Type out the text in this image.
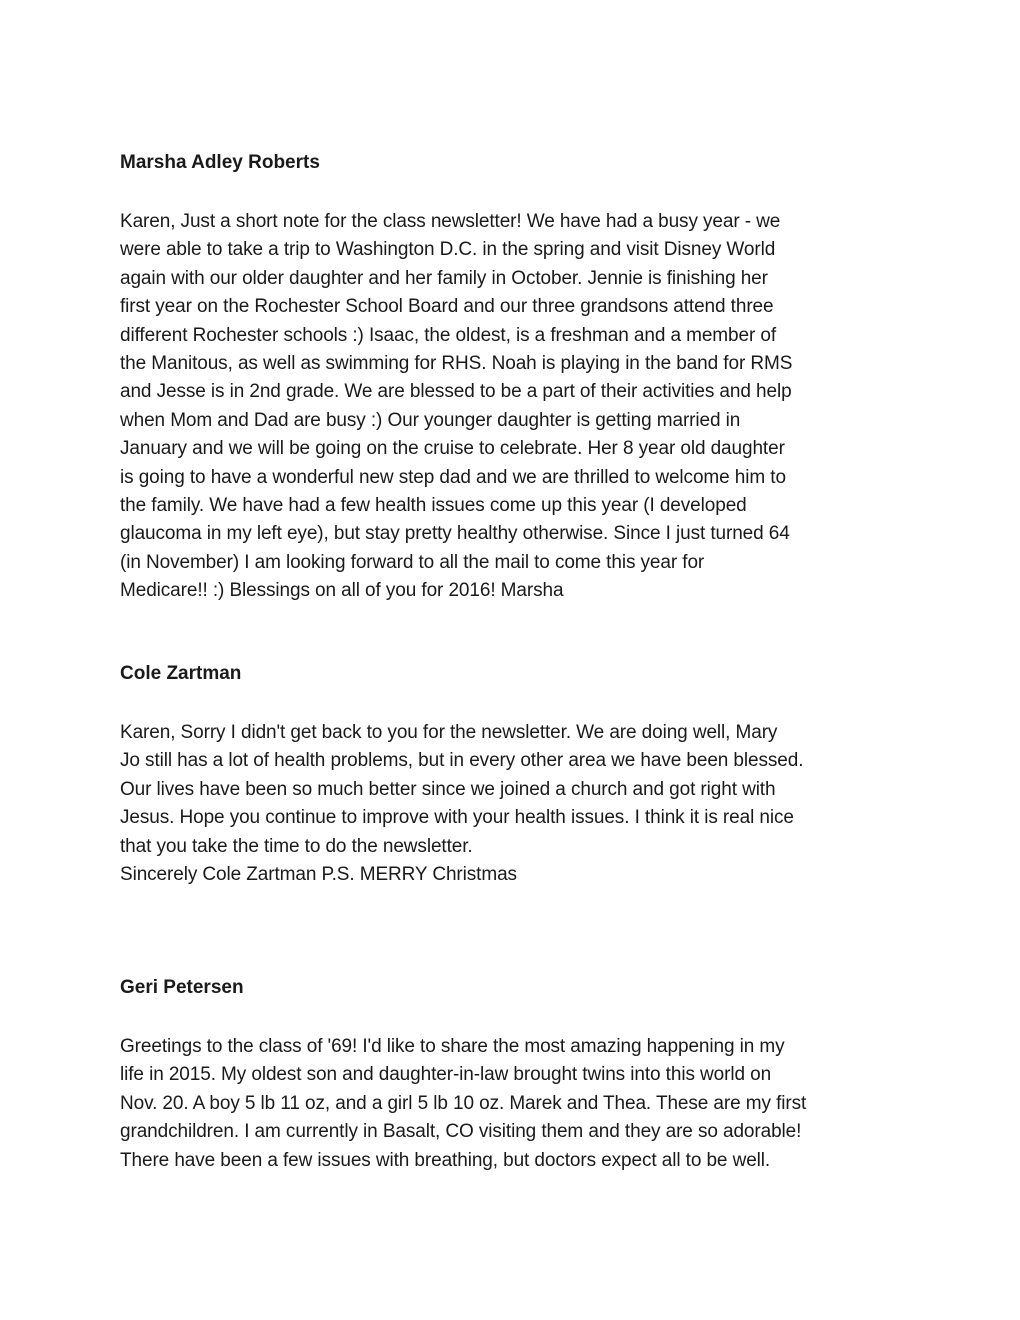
Marsha Adley Roberts

Karen, Just a short note for the class newsletter! We have had a busy year - we
were able to take a trip to Washington D.C. in the spring and visit Disney World
again with our older daughter and her family in October. Jennie is finishing her
first year on the Rochester School Board and our three grandsons attend three
different Rochester schools :) Isaac, the oldest, is a freshman and a member of
the Manitous, as well as swimming for RHS. Noah is playing in the band for RMS
and Jesse is in 2nd grade. We are blessed to be a part of their activities and help
when Mom and Dad are busy :) Our younger daughter is getting married in
January and we will be going on the cruise to celebrate. Her 8 year old daughter
is going to have a wonderful new step dad and we are thrilled to welcome him to
the family. We have had a few health issues come up this year (I developed
glaucoma in my left eye), but stay pretty healthy otherwise. Since I just turned 64
(in November) I am looking forward to all the mail to come this year for
Medicare!! :) Blessings on all of you for 2016! Marsha

Cole Zartman

Karen, Sorry I didn't get back to you for the newsletter. We are doing well, Mary
Jo still has a lot of health problems, but in every other area we have been blessed.
Our lives have been so much better since we joined a church and got right with
Jesus. Hope you continue to improve with your health issues. I think it is real nice
that you take the time to do the newsletter.
Sincerely Cole Zartman P.S. MERRY Christmas

Geri Petersen

Greetings to the class of '69! I'd like to share the most amazing happening in my
life in 2015. My oldest son and daughter-in-law brought twins into this world on
Nov. 20. A boy 5 lb 11 oz, and a girl 5 lb 10 oz. Marek and Thea. These are my first
grandchildren. I am currently in Basalt, CO visiting them and they are so adorable!
There have been a few issues with breathing, but doctors expect all to be well.
